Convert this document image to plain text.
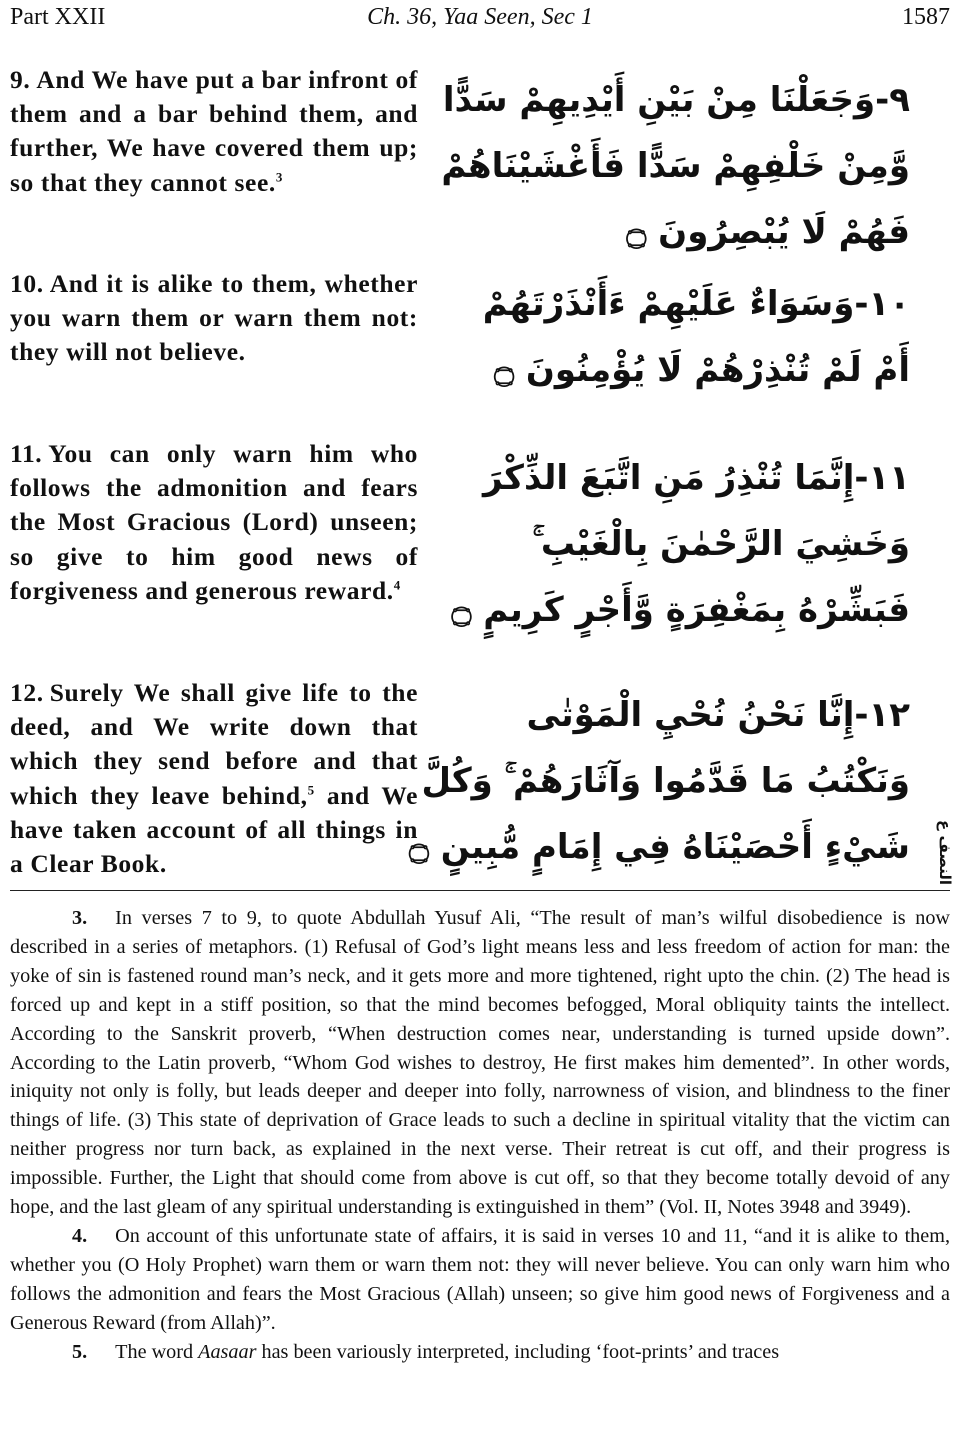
Part XXII	Ch. 36, Yaa Seen, Sec 1	1587
9. And We have put a bar infront of them and a bar behind them, and further, We have covered them up; so that they cannot see.$^3$
٩-وَجَعَلْنَا مِنْ بَيْنِ أَيْدِيهِمْ سَدًّا
وَّمِنْ خَلْفِهِمْ سَدًّا فَأَغْشَيْنَاهُمْ
فَهُمْ لَا يُبْصِرُونَ ۝
10. And it is alike to them, whether you warn them or warn them not: they will not believe.
١٠-وَسَوَاءٌ عَلَيْهِمْ ءَأَنْذَرْتَهُمْ
أَمْ لَمْ تُنْذِرْهُمْ لَا يُؤْمِنُونَ ۝
11. You can only warn him who follows the admonition and fears the Most Gracious (Lord) unseen; so give to him good news of forgiveness and generous reward.$^4$
١١-إِنَّمَا تُنْذِرُ مَنِ اتَّبَعَ الذِّكْرَ
وَخَشِيَ الرَّحْمٰنَ بِالْغَيْبِ ۚ
فَبَشِّرْهُ بِمَغْفِرَةٍ وَّأَجْرٍ كَرِيمٍ ۝
12. Surely We shall give life to the deed, and We write down that which they send before and that which they leave behind,$^5$ and We have taken account of all things in a Clear Book.
١٢-إِنَّا نَحْنُ نُحْيِ الْمَوْتٰى
وَنَكْتُبُ مَا قَدَّمُوا وَآثَارَهُمْ ۚ وَكُلَّ
شَيْءٍ أَحْصَيْنَاهُ فِي إِمَامٍ مُّبِينٍ ۝	النصف ع

3. In verses 7 to 9, to quote Abdullah Yusuf Ali, “The result of man’s wilful disobedience is now described in a series of metaphors. (1) Refusal of God’s light means less and less freedom of action for man: the yoke of sin is fastened round man’s neck, and it gets more and more tightened, right upto the chin. (2) The head is forced up and kept in a stiff position, so that the mind becomes befogged, Moral obliquity taints the intellect. According to the Sanskrit proverb, “When destruction comes near, understanding is turned upside down”. According to the Latin proverb, “Whom God wishes to destroy, He first makes him demented”. In other words, iniquity not only is folly, but leads deeper and deeper into folly, narrowness of vision, and blindness to the finer things of life. (3) This state of deprivation of Grace leads to such a decline in spiritual vitality that the victim can neither progress nor turn back, as explained in the next verse. Their retreat is cut off, and their progress is impossible. Further, the Light that should come from above is cut off, so that they become totally devoid of any hope, and the last gleam of any spiritual understanding is extinguished in them” (Vol. II, Notes 3948 and 3949).

4. On account of this unfortunate state of affairs, it is said in verses 10 and 11, “and it is alike to them, whether you (O Holy Prophet) warn them or warn them not: they will never believe. You can only warn him who follows the admonition and fears the Most Gracious (Allah) unseen; so give him good news of Forgiveness and a Generous Reward (from Allah)”.

5. The word Aasaar has been variously interpreted, including ‘foot-prints’ and traces
